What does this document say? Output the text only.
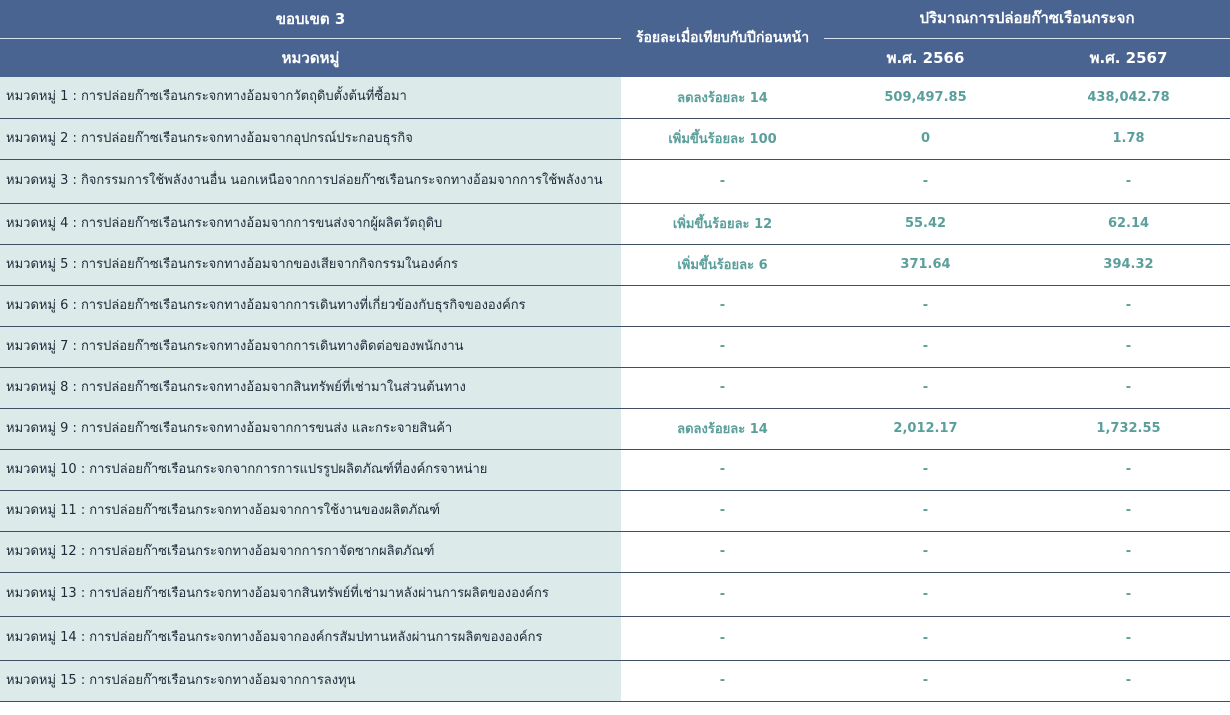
ขอบเขต 3	ร้อยละเมื่อเทียบกับปีก่อนหน้า	ปริมาณการปล่อยก๊าซเรือนกระจก	
หมวดหมู่		พ.ศ. 2566	พ.ศ. 2567

หมวดหมู่ 1 : การปล่อยก๊าซเรือนกระจกทางอ้อมจากวัตถุดิบตั้งต้นที่ซื้อมา	ลดลงร้อยละ 14	509,497.85	438,042.78

หมวดหมู่ 2 : การปล่อยก๊าซเรือนกระจกทางอ้อมจากอุปกรณ์ประกอบธุรกิจ	เพิ่มขึ้นร้อยละ 100	0	1.78

หมวดหมู่ 3 : กิจกรรมการใช้พลังงานอื่น นอกเหนือจากการปล่อยก๊าซเรือนกระจกทางอ้อมจากการใช้พลังงาน	-	-	-

หมวดหมู่ 4 : การปล่อยก๊าซเรือนกระจกทางอ้อมจากการขนส่งจากผู้ผลิตวัตถุดิบ	เพิ่มขึ้นร้อยละ 12	55.42	62.14

หมวดหมู่ 5 : การปล่อยก๊าซเรือนกระจกทางอ้อมจากของเสียจากกิจกรรมในองค์กร	เพิ่มขึ้นร้อยละ 6	371.64	394.32

หมวดหมู่ 6 : การปล่อยก๊าซเรือนกระจกทางอ้อมจากการเดินทางที่เกี่ยวข้องกับธุรกิจขององค์กร	-	-	-

หมวดหมู่ 7 : การปล่อยก๊าซเรือนกระจกทางอ้อมจากการเดินทางติดต่อของพนักงาน	-	-	-

หมวดหมู่ 8 : การปล่อยก๊าซเรือนกระจกทางอ้อมจากสินทรัพย์ที่เช่ามาในส่วนต้นทาง	-	-	-

หมวดหมู่ 9 : การปล่อยก๊าซเรือนกระจกทางอ้อมจากการขนส่ง และกระจายสินค้า	ลดลงร้อยละ 14	2,012.17	1,732.55

หมวดหมู่ 10 : การปล่อยก๊าซเรือนกระจกจากการการแปรรูปผลิตภัณฑ์ที่องค์กรจาหน่าย	-	-	-

หมวดหมู่ 11 : การปล่อยก๊าซเรือนกระจกทางอ้อมจากการใช้งานของผลิตภัณฑ์	-	-	-

หมวดหมู่ 12 : การปล่อยก๊าซเรือนกระจกทางอ้อมจากการกาจัดซากผลิตภัณฑ์	-	-	-

หมวดหมู่ 13 : การปล่อยก๊าซเรือนกระจกทางอ้อมจากสินทรัพย์ที่เช่ามาหลังผ่านการผลิตขององค์กร	-	-	-

หมวดหมู่ 14 : การปล่อยก๊าซเรือนกระจกทางอ้อมจากองค์กรสัมปทานหลังผ่านการผลิตขององค์กร	-	-	-

หมวดหมู่ 15 : การปล่อยก๊าซเรือนกระจกทางอ้อมจากการลงทุน	-	-	-
